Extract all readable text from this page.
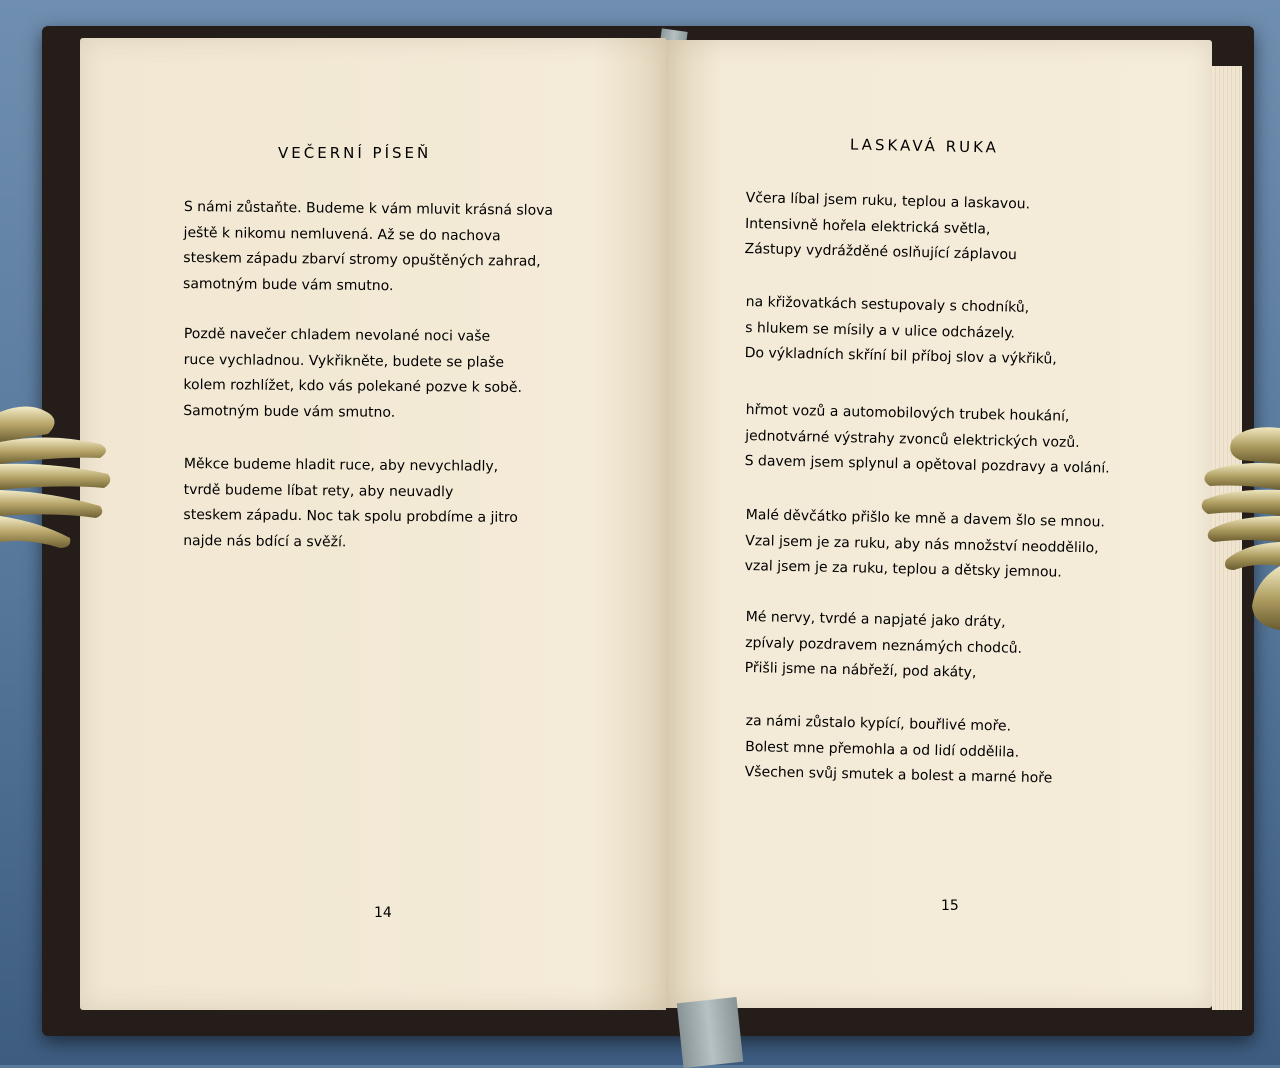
VEČERNÍ PÍSEŇ
S námi zůstaňte. Budeme k vám mluvit krásná slova
ještě k nikomu nemluvená. Až se do nachova
steskem západu zbarví stromy opuštěných zahrad,
samotným bude vám smutno.
Pozdě navečer chladem nevolané noci vaše
ruce vychladnou. Vykřikněte, budete se plaše
kolem rozhlížet, kdo vás polekané pozve k sobě.
Samotným bude vám smutno.
Měkce budeme hladit ruce, aby nevychladly,
tvrdě budeme líbat rety, aby neuvadly
steskem západu. Noc tak spolu probdíme a jitro
najde nás bdící a svěží.
14
LASKAVÁ RUKA
Včera líbal jsem ruku, teplou a laskavou.
Intensivně hořela elektrická světla,
Zástupy vydrážděné oslňující záplavou
na křižovatkách sestupovaly s chodníků,
s hlukem se mísily a v ulice odcházely.
Do výkladních skříní bil příboj slov a výkřiků,
hřmot vozů a automobilových trubek houkání,
jednotvárné výstrahy zvonců elektrických vozů.
S davem jsem splynul a opětoval pozdravy a volání.
Malé děvčátko přišlo ke mně a davem šlo se mnou.
Vzal jsem je za ruku, aby nás množství neoddělilo,
vzal jsem je za ruku, teplou a dětsky jemnou.
Mé nervy, tvrdé a napjaté jako dráty,
zpívaly pozdravem neznámých chodců.
Přišli jsme na nábřeží, pod akáty,
za námi zůstalo kypící, bouřlivé moře.
Bolest mne přemohla a od lidí oddělila.
Všechen svůj smutek a bolest a marné hoře
15
